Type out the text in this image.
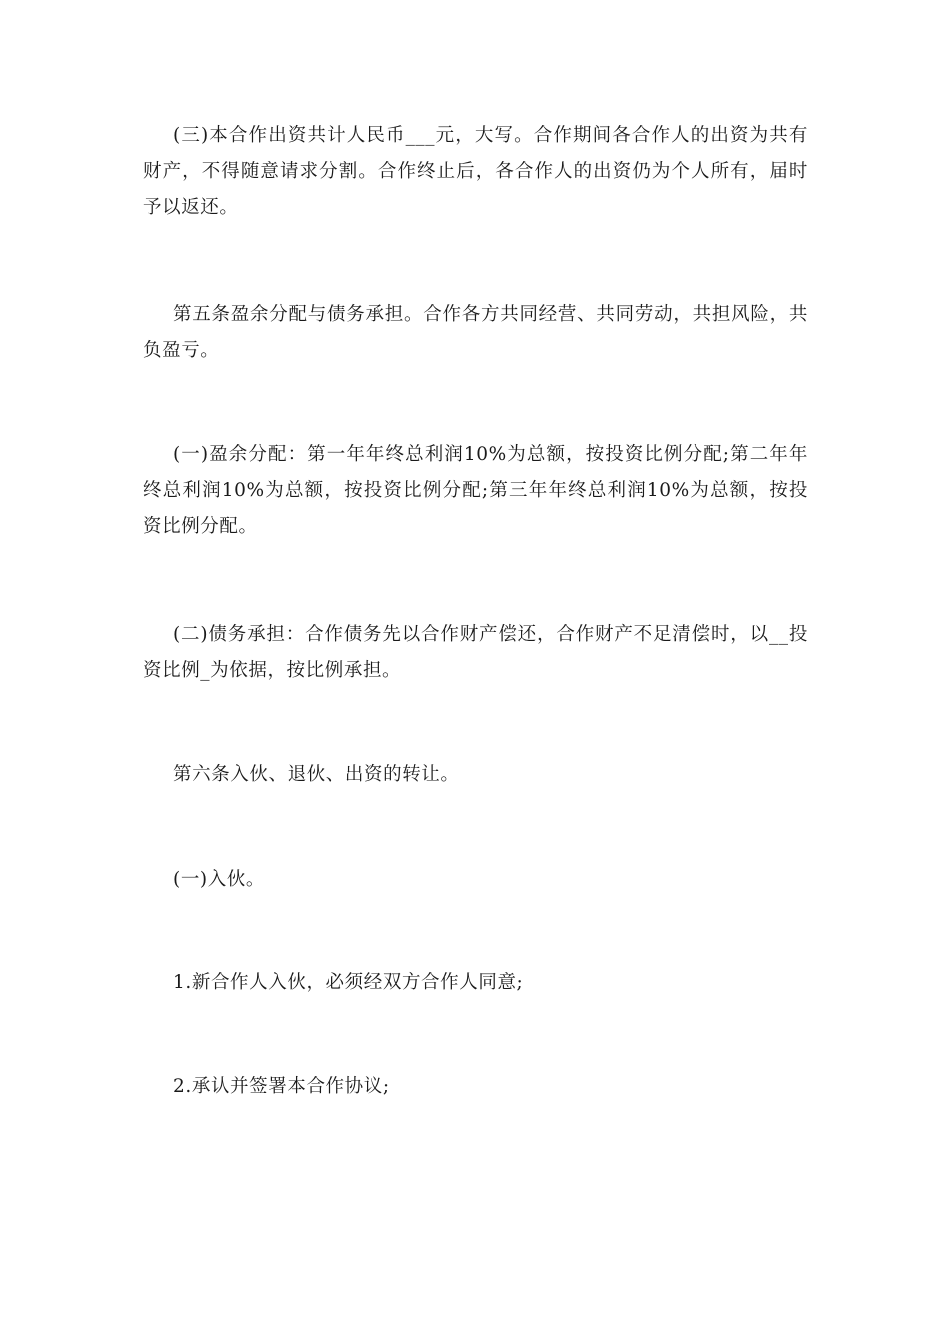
(三)本合作出资共计人民币___元，大写。合作期间各合作人的出资为共有财产，不得随意请求分割。合作终止后，各合作人的出资仍为个人所有，届时予以返还。

第五条盈余分配与债务承担。合作各方共同经营、共同劳动，共担风险，共负盈亏。

(一)盈余分配：第一年年终总利润10%为总额，按投资比例分配;第二年年终总利润10%为总额，按投资比例分配;第三年年终总利润10%为总额，按投资比例分配。

(二)债务承担：合作债务先以合作财产偿还，合作财产不足清偿时，以__投资比例_为依据，按比例承担。

第六条入伙、退伙、出资的转让。

(一)入伙。

1.新合作人入伙，必须经双方合作人同意;

2.承认并签署本合作协议;
